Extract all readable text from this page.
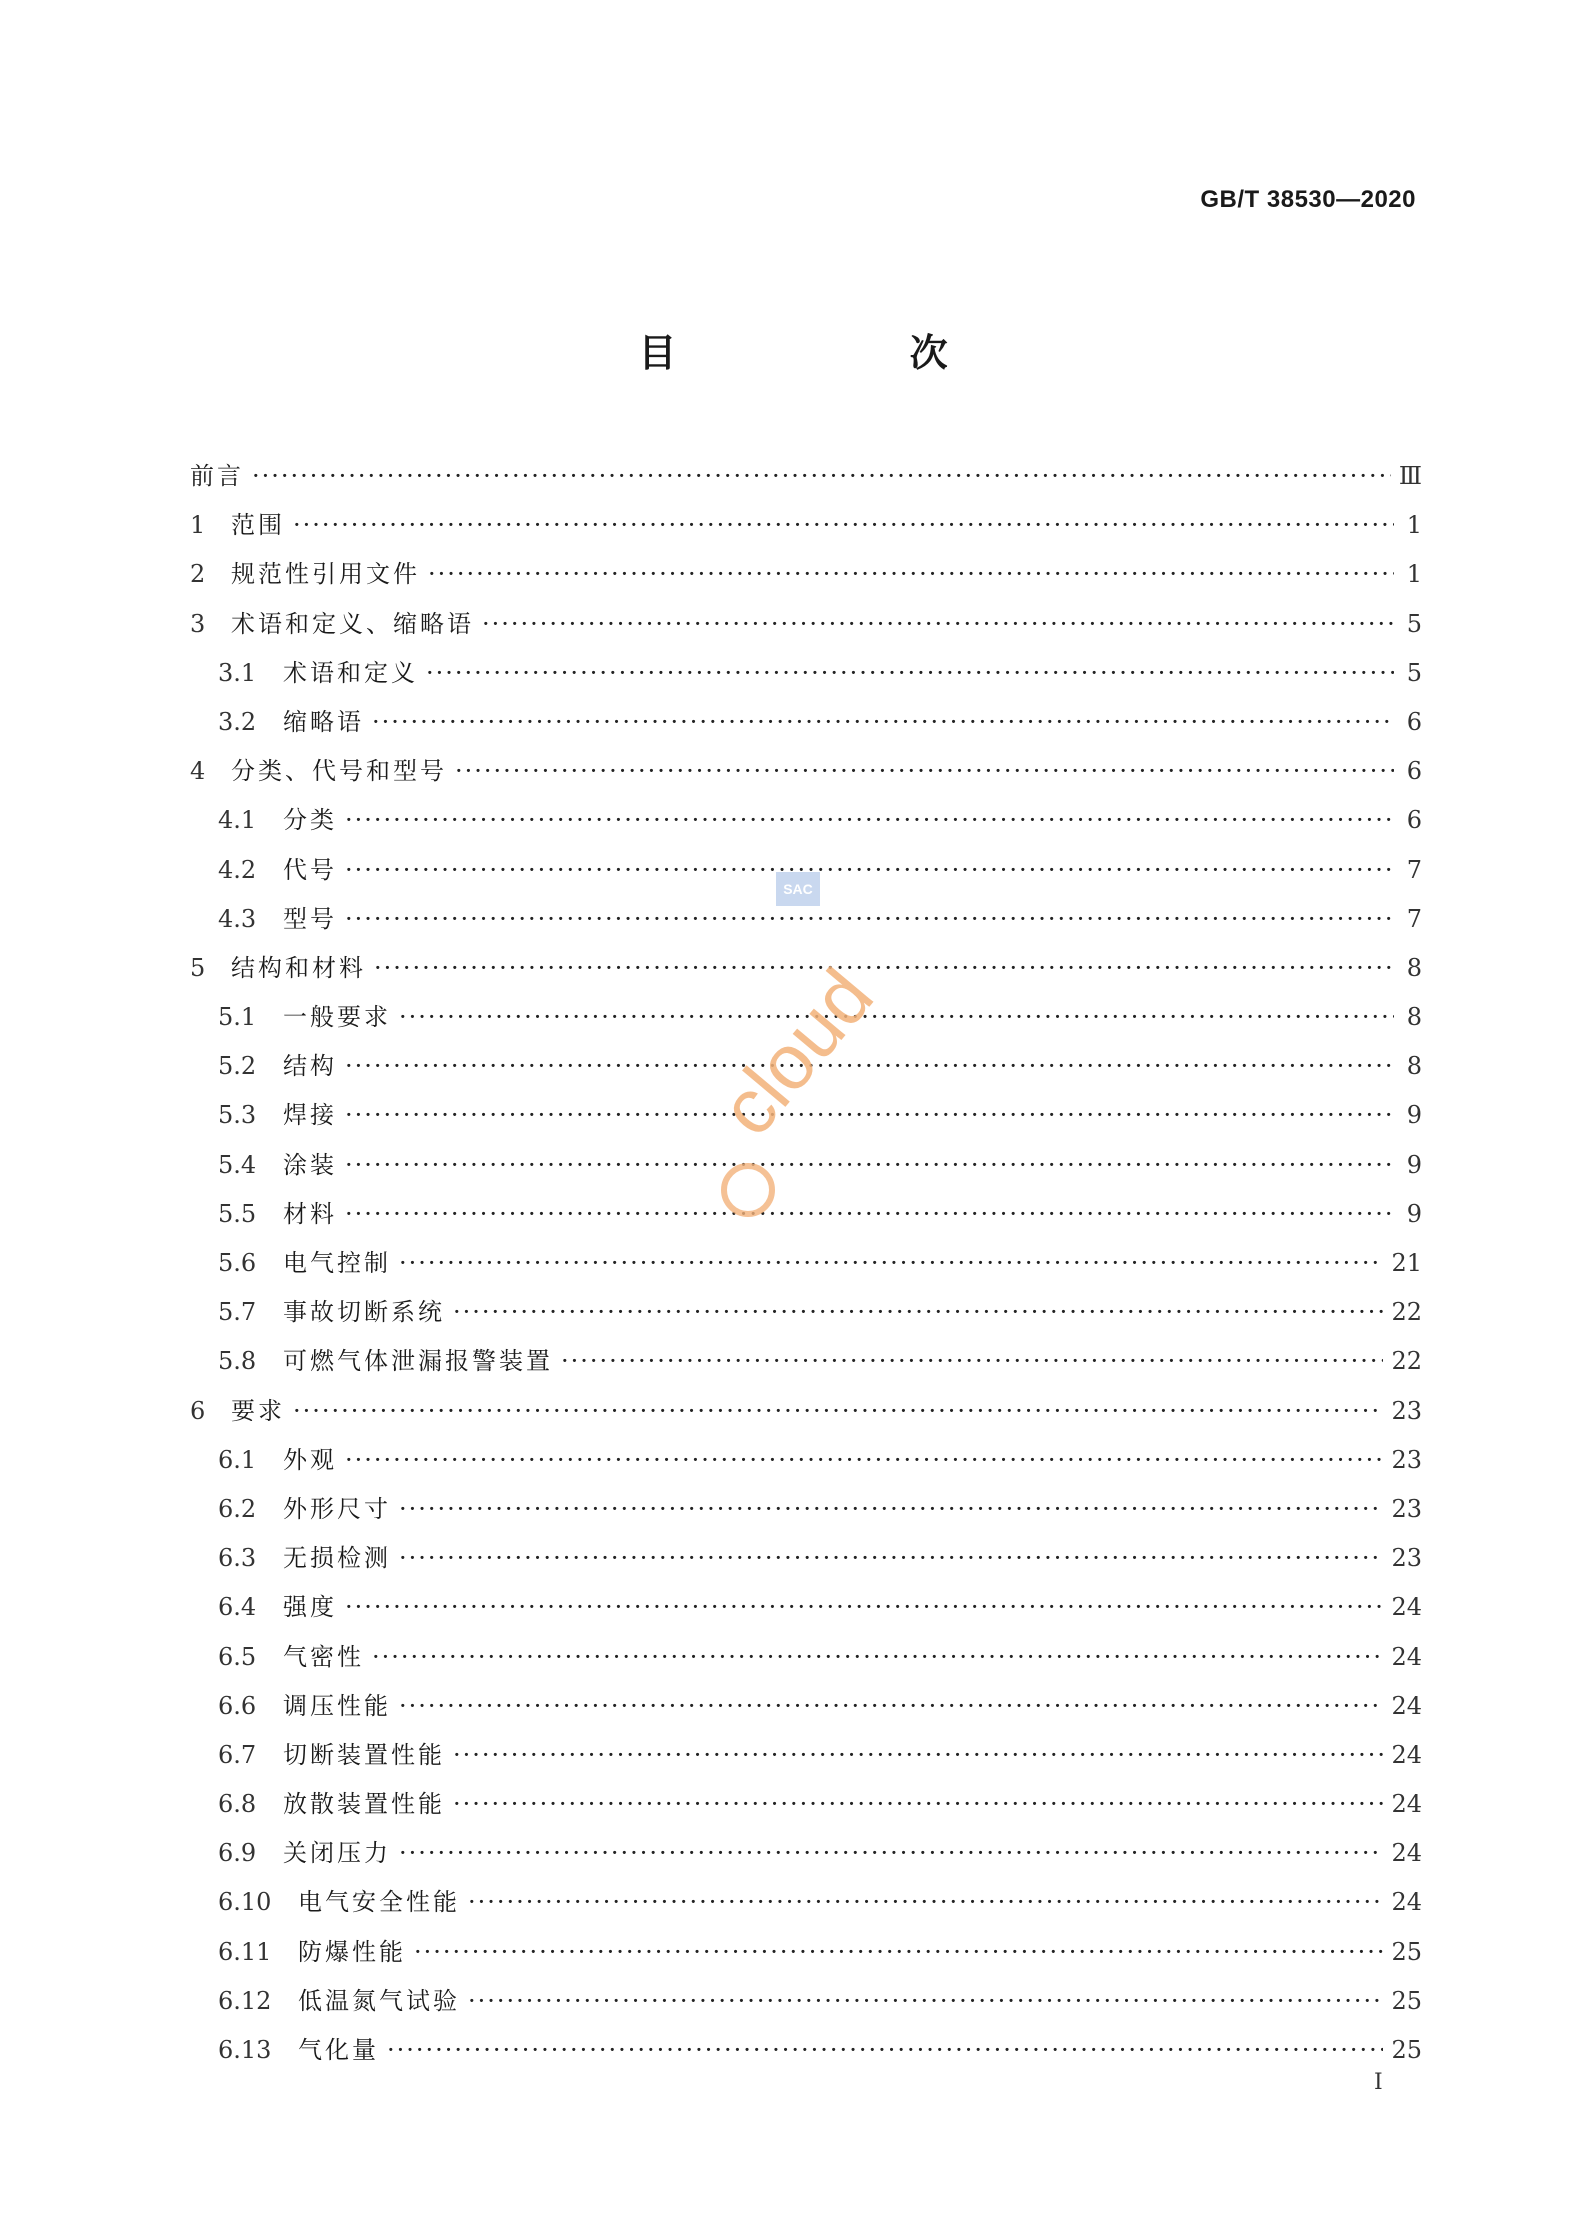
GB/T 38530—2020
目 次
前言 ·····	Ⅲ
1	范围 ·····	1
2	规范性引用文件 ·····	1
3	术语和定义、缩略语 ·····	5
3.1	术语和定义 ·····	5
3.2	缩略语 ·····	6
4	分类、代号和型号 ·····	6
4.1	分类 ·····	6
4.2	代号 ·····	7
4.3	型号 ·····	7
5	结构和材料 ·····	8
5.1	一般要求 ·····	8
5.2	结构 ·····	8
5.3	焊接 ·····	9
5.4	涂装 ·····	9
5.5	材料 ·····	9
5.6	电气控制 ·····	21
5.7	事故切断系统 ·····	22
5.8	可燃气体泄漏报警装置 ·····	22
6	要求 ·····	23
6.1	外观 ·····	23
6.2	外形尺寸 ·····	23
6.3	无损检测 ·····	23
6.4	强度 ·····	24
6.5	气密性 ·····	24
6.6	调压性能 ·····	24
6.7	切断装置性能 ·····	24
6.8	放散装置性能 ·····	24
6.9	关闭压力 ·····	24
6.10	电气安全性能 ·····	24
6.11	防爆性能 ·····	25
6.12	低温氮气试验 ·····	25
6.13	气化量 ·····	25
SAC
cloud
I
